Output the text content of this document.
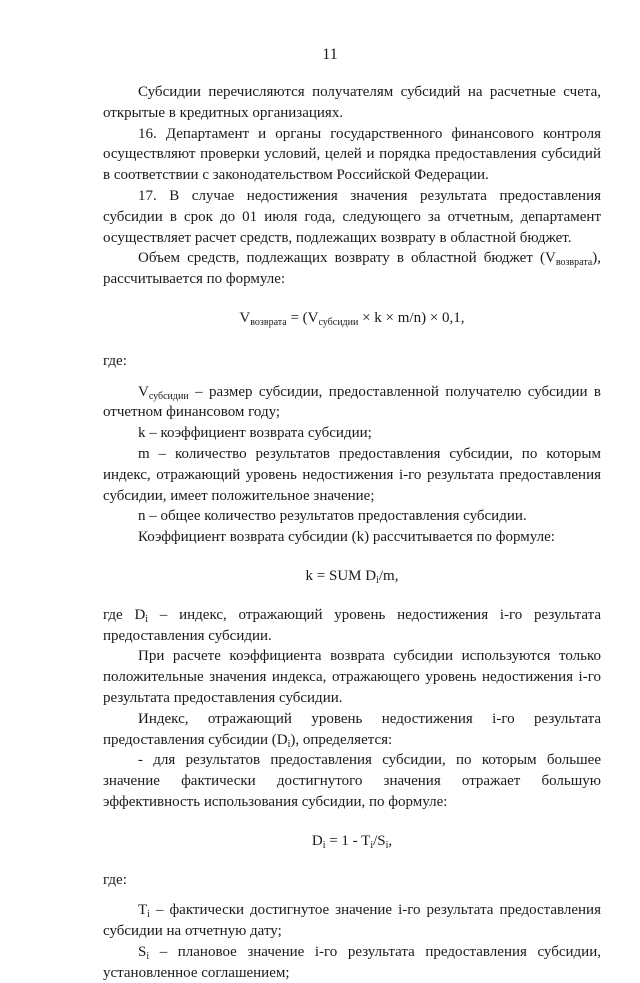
11

Субсидии перечисляются получателям субсидий на расчетные счета, открытые в кредитных организациях.

16. Департамент и органы государственного финансового контроля осуществляют проверки условий, целей и порядка предоставления субсидий в соответствии с законодательством Российской Федерации.

17. В случае недостижения значения результата предоставления субсидии в срок до 01 июля года, следующего за отчетным, департамент осуществляет расчет средств, подлежащих возврату в областной бюджет.

Объем средств, подлежащих возврату в областной бюджет $(V_{возврата})$, рассчитывается по формуле:

$V_{возврата} = (V_{субсидии} \times k \times m/n) \times 0,1$,

где:

$V_{субсидии}$ – размер субсидии, предоставленной получателю субсидии в отчетном финансовом году;

k – коэффициент возврата субсидии;

m – количество результатов предоставления субсидии, по которым индекс, отражающий уровень недостижения i-го результата предоставления субсидии, имеет положительное значение;

n – общее количество результатов предоставления субсидии.

Коэффициент возврата субсидии (k) рассчитывается по формуле:

k = SUM $D_i/m$,

где $D_i$ – индекс, отражающий уровень недостижения i-го результата предоставления субсидии.

При расчете коэффициента возврата субсидии используются только положительные значения индекса, отражающего уровень недостижения i-го результата предоставления субсидии.

Индекс, отражающий уровень недостижения i-го результата предоставления субсидии $(D_i)$, определяется:

- для результатов предоставления субсидии, по которым большее значение фактически достигнутого значения отражает большую эффективность использования субсидии, по формуле:

$D_i = 1 - T_i/S_i$,

где:

$T_i$ – фактически достигнутое значение i-го результата предоставления субсидии на отчетную дату;

$S_i$ – плановое значение i-го результата предоставления субсидии, установленное соглашением;
